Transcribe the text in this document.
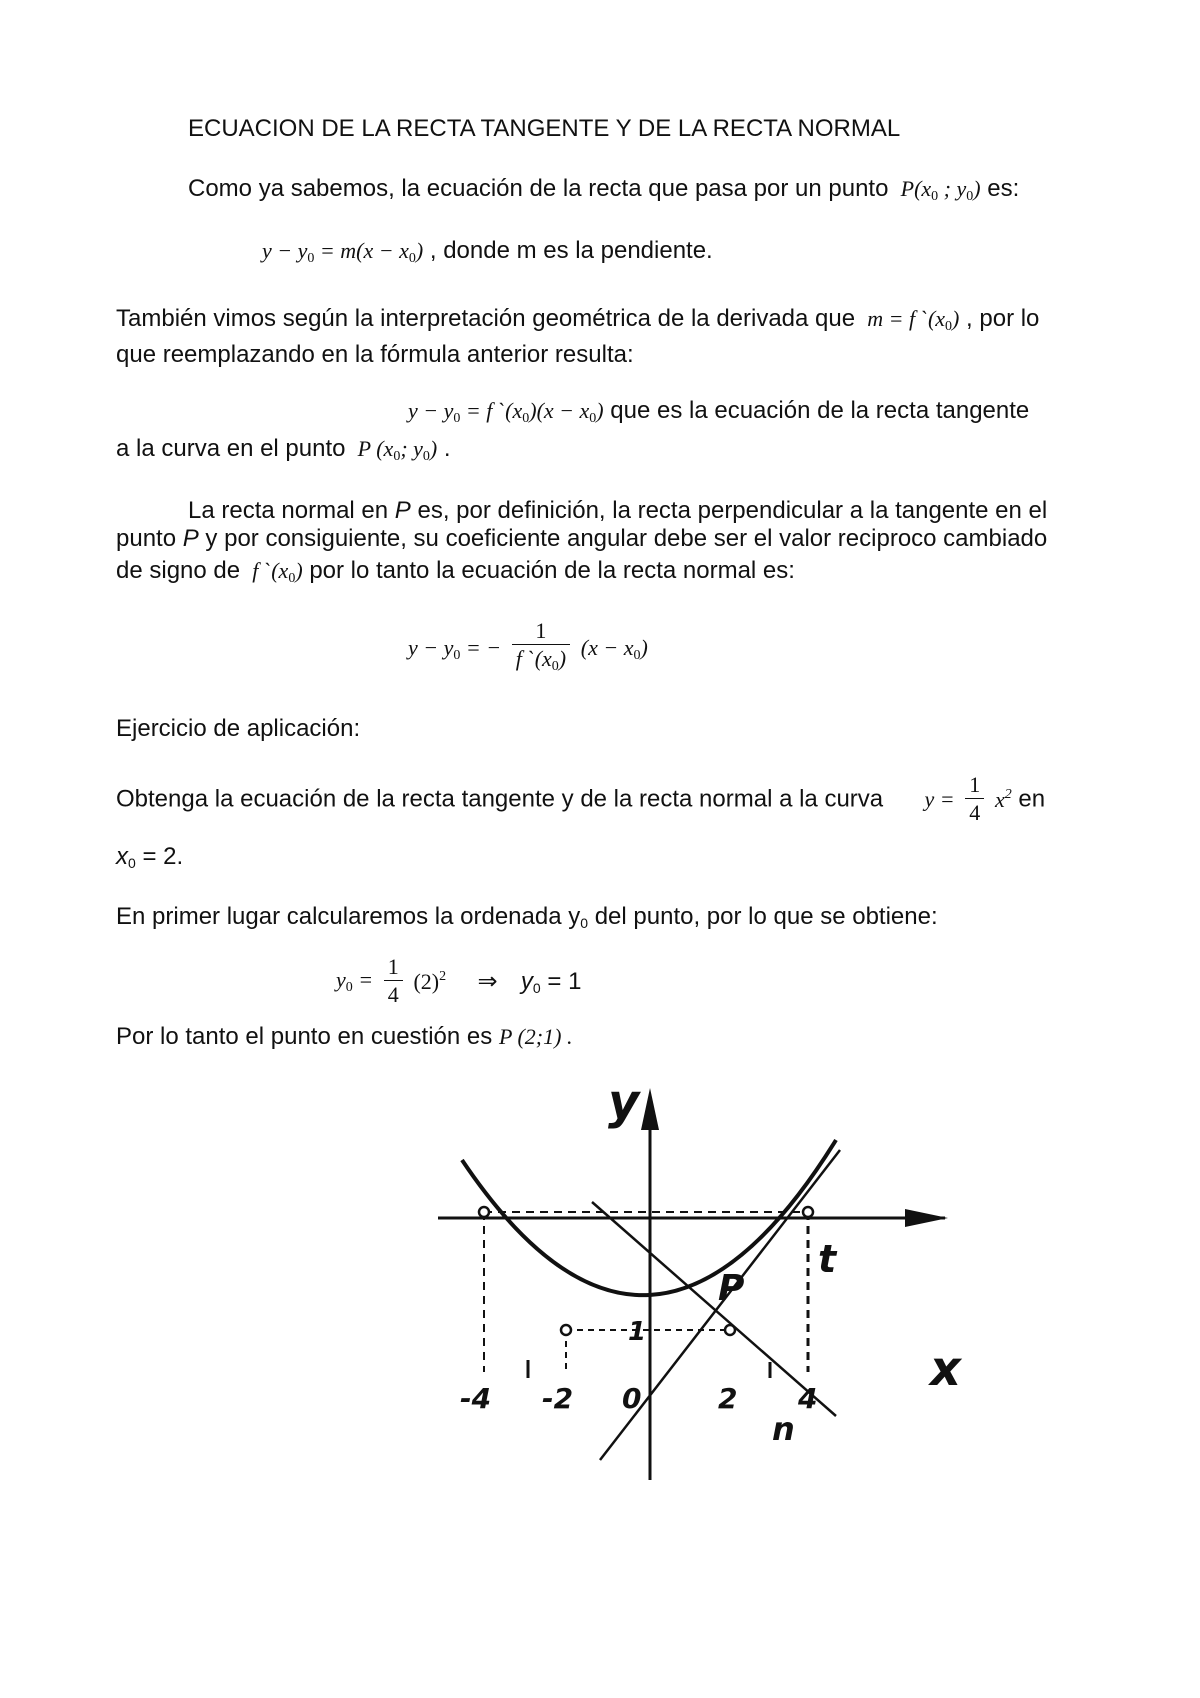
ECUACION DE LA RECTA TANGENTE Y DE LA RECTA NORMAL
Como ya sabemos, la ecuación de la recta que pasa por un punto $P(x_0$ ; $y_0$) es:
$y - y_0 = m(x - x_0)$ , donde m es la pendiente.
También vimos según la interpretación geométrica de la derivada que m = f $ˋ(x_0)$ , por lo
que reemplazando en la fórmula anterior resulta:
$y - y_0 = f$ $ˋ(x_0)(x - x_0)$ que es la ecuación de la recta tangente
a la curva en el punto P ($x_0$; $y_0$) .
La recta normal en P es, por definición, la recta perpendicular a la tangente en el
punto P y por consiguiente, su coeficiente angular debe ser el valor reciproco cambiado
de signo de f $ˋ(x_0)$ por lo tanto la ecuación de la recta normal es:
$y - y_0$ = − $\frac{1}{f ˋ(x_0)} (x - x_0)$
Ejercicio de aplicación:
Obtenga la ecuación de la recta tangente y de la recta normal a la curva $y = \frac{1}{4} x^2$ en
$x_0 = 2$.
En primer lugar calcularemos la ordenada $y_0$ del punto, por lo que se obtiene:
$y_0 = \frac{1}{4} (2)^2$ ⇒ $y_0 = 1$
Por lo tanto el punto en cuestión es P (2;1) .
y
x
P
t
n
1
-4 -2 0	2 4
